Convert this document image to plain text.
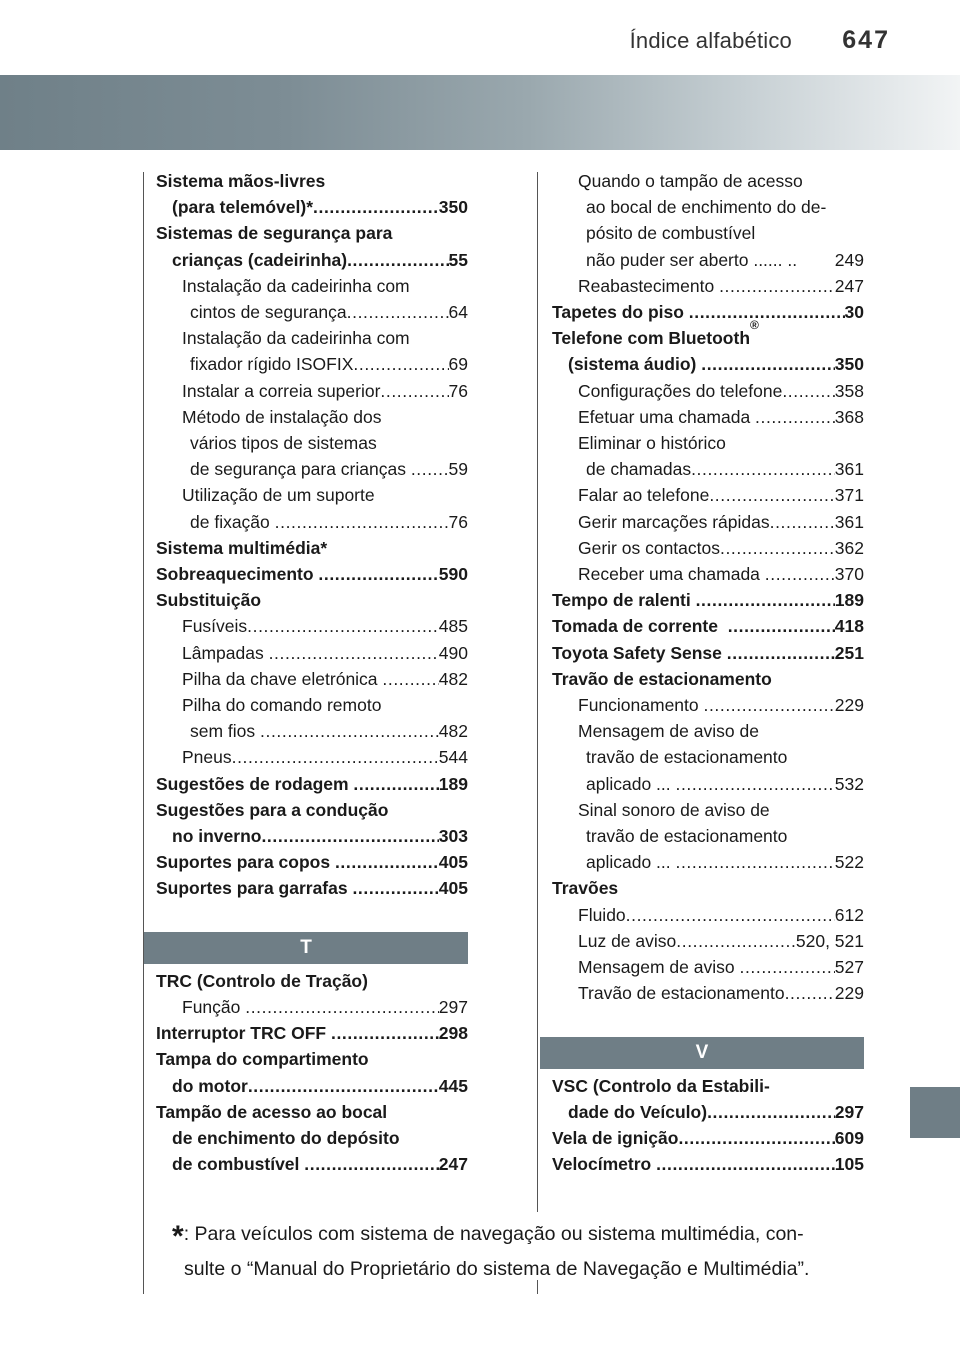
Índice alfabético 647
Sistema mãos-livres
(para telemóvel)* .....	350
Sistemas de segurança para
crianças (cadeirinha) .....	55
Instalação da cadeirinha com
cintos de segurança .....	64
Instalação da cadeirinha com
fixador rígido ISOFIX .....	69
Instalar a correia superior .....	76
Método de instalação dos
vários tipos de sistemas
de segurança para crianças ..... 59
Utilização de um suporte
de fixação .....	76
Sistema multimédia*
Sobreaquecimento .....	590
Substituição
Fusíveis .....	485
Lâmpadas .....	490
Pilha da chave eletrónica .....	482
Pilha do comando remoto
sem fios .....	482
Pneus .....	544
Sugestões de rodagem .....	189
Sugestões para a condução
no inverno .....	303
Suportes para copos .....	405
Suportes para garrafas .....	405
T
TRC (Controlo de Tração)
Função .....	297
Interruptor TRC OFF .....	298
Tampa do compartimento
do motor .....	445
Tampão de acesso ao bocal
de enchimento do depósito
de combustível .....	247
Quando o tampão de acesso
ao bocal de enchimento do de-
pósito de combustível
não puder ser aberto ...... .. 249
Reabastecimento .....	247
Tapetes do piso .....	30
Telefone com Bluetooth
®
(sistema áudio) .....	350
Configurações do telefone .....	358
Efetuar uma chamada .....	368
Eliminar o histórico
de chamadas .....	361
Falar ao telefone .....	371
Gerir marcações rápidas .....	361
Gerir os contactos .....	362
Receber uma chamada .....	370
Tempo de ralenti .....	189
Tomada de corrente .....	418
Toyota Safety Sense .....	251
Travão de estacionamento
Funcionamento .....	229
Mensagem de aviso de
travão de estacionamento
aplicado ... .....	532
Sinal sonoro de aviso de
travão de estacionamento
aplicado ... .....	522
Travões
Fluido .....	612
Luz de aviso .....	520, 521
Mensagem de aviso .....	527
Travão de estacionamento .....	229
V
VSC (Controlo da Estabili-
dade do Veículo) .....	297
Vela de ignição .....	609
Velocímetro .....	105
*: Para veículos com sistema de navegação ou sistema multimédia, con-
sulte o “Manual do Proprietário do sistema de Navegação e Multimédia”.
